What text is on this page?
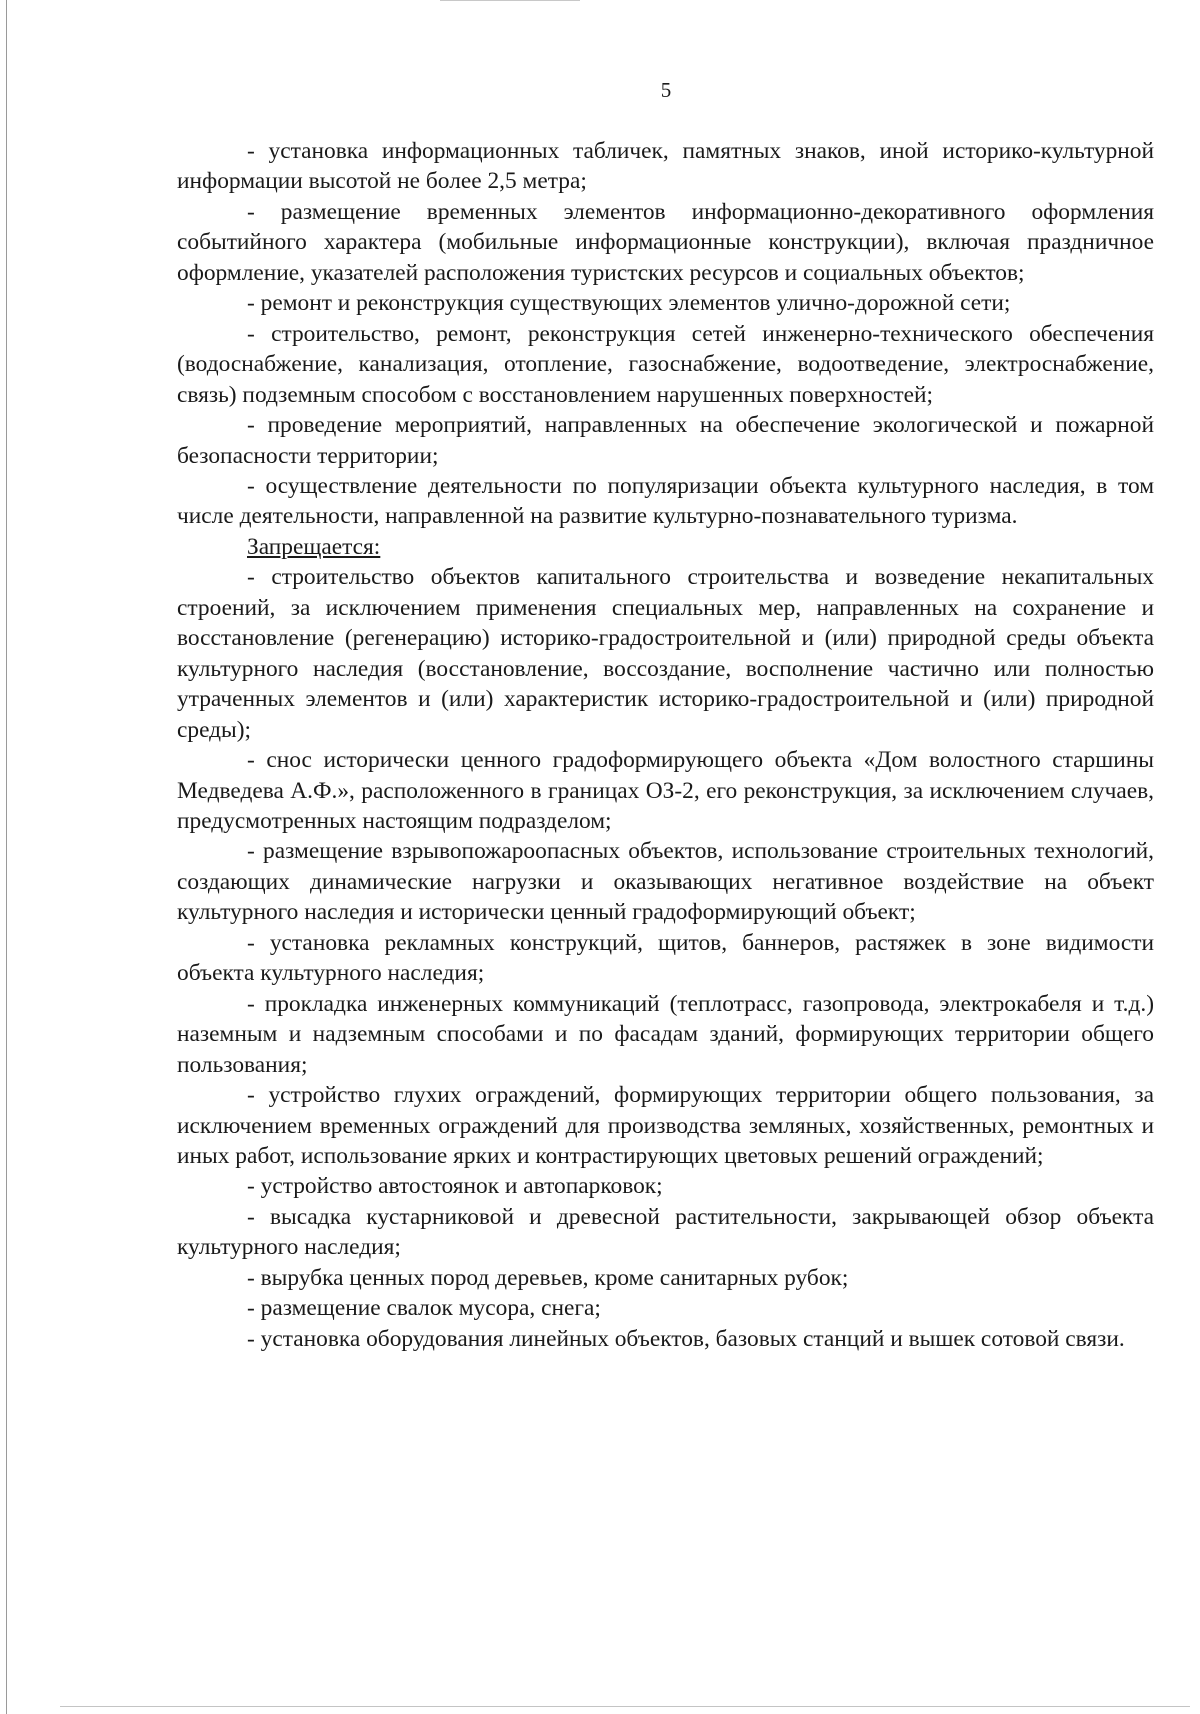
5

- установка информационных табличек, памятных знаков, иной историко-культурной информации высотой не более 2,5 метра;

- размещение временных элементов информационно-декоративного оформления событийного характера (мобильные информационные конструкции), включая праздничное оформление, указателей расположения туристских ресурсов и социальных объектов;

- ремонт и реконструкция существующих элементов улично-дорожной сети;

- строительство, ремонт, реконструкция сетей инженерно-технического обеспечения (водоснабжение, канализация, отопление, газоснабжение, водоотведение, электроснабжение, связь) подземным способом с восстановлением нарушенных поверхностей;

- проведение мероприятий, направленных на обеспечение экологической и пожарной безопасности территории;

- осуществление деятельности по популяризации объекта культурного наследия, в том числе деятельности, направленной на развитие культурно-познавательного туризма.

Запрещается:

- строительство объектов капитального строительства и возведение некапитальных строений, за исключением применения специальных мер, направленных на сохранение и восстановление (регенерацию) историко-градостроительной и (или) природной среды объекта культурного наследия (восстановление, воссоздание, восполнение частично или полностью утраченных элементов и (или) характеристик историко-градостроительной и (или) природной среды);

- снос исторически ценного градоформирующего объекта «Дом волостного старшины Медведева А.Ф.», расположенного в границах ОЗ-2, его реконструкция, за исключением случаев, предусмотренных настоящим подразделом;

- размещение взрывопожароопасных объектов, использование строительных технологий, создающих динамические нагрузки и оказывающих негативное воздействие на объект культурного наследия и исторически ценный градоформирующий объект;

- установка рекламных конструкций, щитов, баннеров, растяжек в зоне видимости объекта культурного наследия;

- прокладка инженерных коммуникаций (теплотрасс, газопровода, электрокабеля и т.д.) наземным и надземным способами и по фасадам зданий, формирующих территории общего пользования;

- устройство глухих ограждений, формирующих территории общего пользования, за исключением временных ограждений для производства земляных, хозяйственных, ремонтных и иных работ, использование ярких и контрастирующих цветовых решений ограждений;

- устройство автостоянок и автопарковок;

- высадка кустарниковой и древесной растительности, закрывающей обзор объекта культурного наследия;

- вырубка ценных пород деревьев, кроме санитарных рубок;

- размещение свалок мусора, снега;

- установка оборудования линейных объектов, базовых станций и вышек сотовой связи.
